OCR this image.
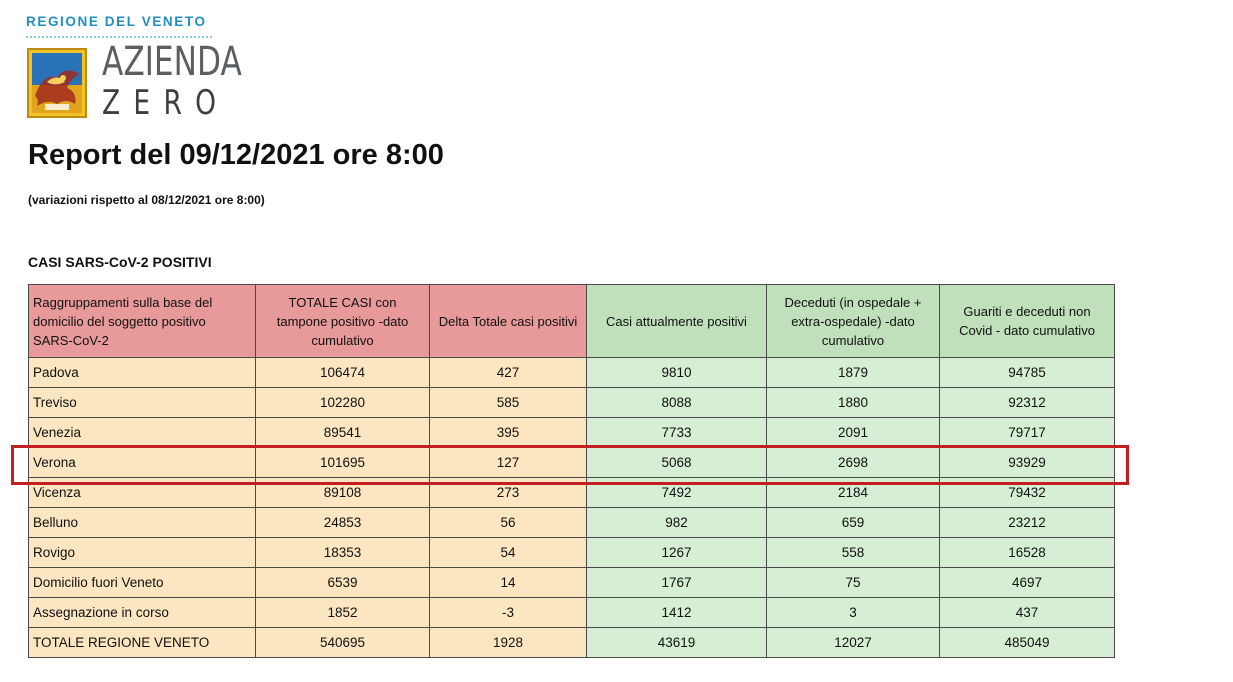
REGIONE DEL VENETO
AZIENDA
ZERO
Report del 09/12/2021 ore 8:00
(variazioni rispetto al 08/12/2021 ore 8:00)
CASI SARS-CoV-2 POSITIVI
Raggruppamenti sulla base del domicilio del soggetto positivo SARS-CoV-2	TOTALE CASI con tampone positivo -dato cumulativo	Delta Totale casi positivi	Casi attualmente positivi	Deceduti (in ospedale + extra-ospedale) -dato cumulativo	Guariti e deceduti non Covid - dato cumulativo
Padova	106474	427	9810	1879	94785
Treviso	102280	585	8088	1880	92312
Venezia	89541	395	7733	2091	79717
Verona	101695	127	5068	2698	93929
Vicenza	89108	273	7492	2184	79432
Belluno	24853	56	982	659	23212
Rovigo	18353	54	1267	558	16528
Domicilio fuori Veneto	6539	14	1767	75	4697
Assegnazione in corso	1852	-3	1412	3	437
TOTALE REGIONE VENETO	540695	1928	43619	12027	485049
